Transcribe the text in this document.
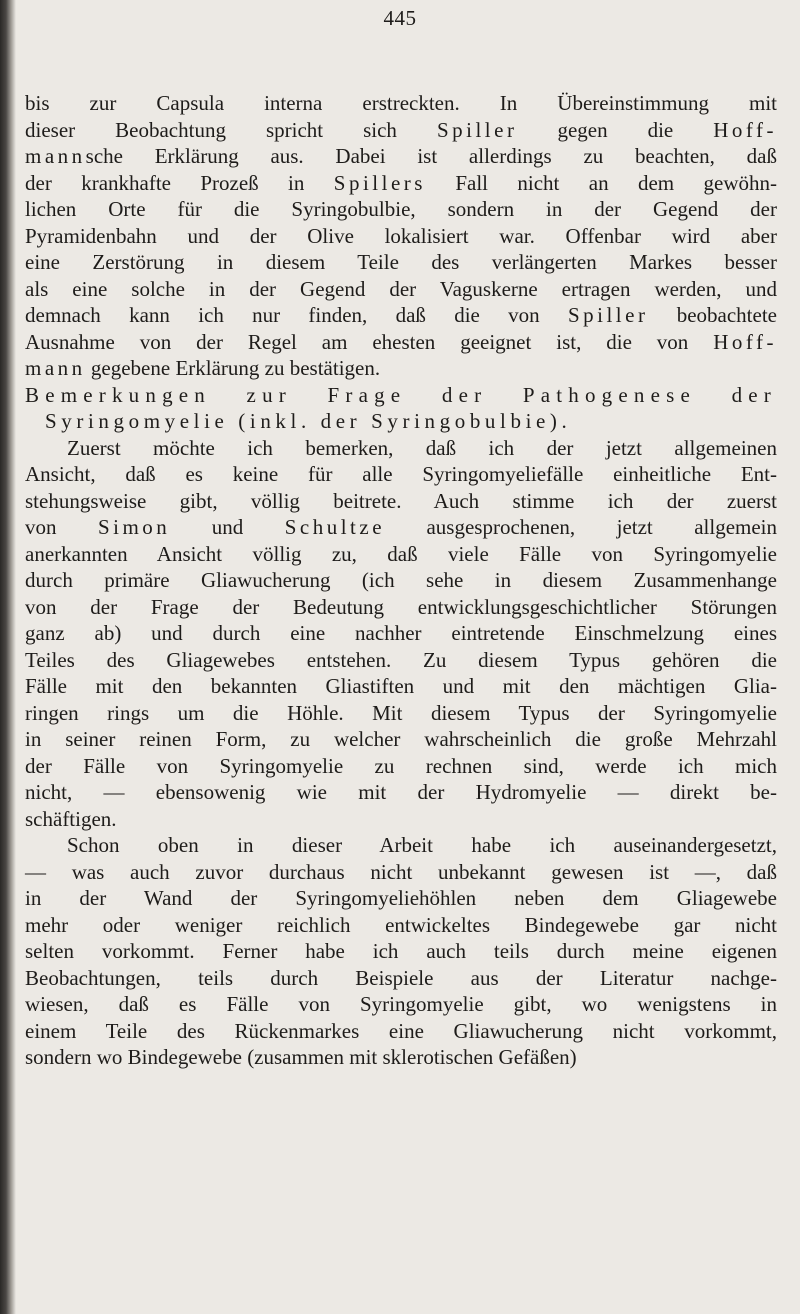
445
bis zur Capsula interna erstreckten. In Übereinstimmung mit
dieser Beobachtung spricht sich Spiller gegen die Hoff-
mannsche Erklärung aus. Dabei ist allerdings zu beachten, daß
der krankhafte Prozeß in Spillers Fall nicht an dem gewöhn-
lichen Orte für die Syringobulbie, sondern in der Gegend der
Pyramidenbahn und der Olive lokalisiert war. Offenbar wird aber
eine Zerstörung in diesem Teile des verlängerten Markes besser
als eine solche in der Gegend der Vaguskerne ertragen werden, und
demnach kann ich nur finden, daß die von Spiller beobachtete
Ausnahme von der Regel am ehesten geeignet ist, die von Hoff-
mann gegebene Erklärung zu bestätigen.
Bemerkungen zur Frage der Pathogenese der
Syringomyelie (inkl. der Syringobulbie).
Zuerst möchte ich bemerken, daß ich der jetzt allgemeinen
Ansicht, daß es keine für alle Syringomyeliefälle einheitliche Ent-
stehungsweise gibt, völlig beitrete. Auch stimme ich der zuerst
von Simon und Schultze ausgesprochenen, jetzt allgemein
anerkannten Ansicht völlig zu, daß viele Fälle von Syringomyelie
durch primäre Gliawucherung (ich sehe in diesem Zusammenhange
von der Frage der Bedeutung entwicklungsgeschichtlicher Störungen
ganz ab) und durch eine nachher eintretende Einschmelzung eines
Teiles des Gliagewebes entstehen. Zu diesem Typus gehören die
Fälle mit den bekannten Gliastiften und mit den mächtigen Glia-
ringen rings um die Höhle. Mit diesem Typus der Syringomyelie
in seiner reinen Form, zu welcher wahrscheinlich die große Mehrzahl
der Fälle von Syringomyelie zu rechnen sind, werde ich mich
nicht, — ebensowenig wie mit der Hydromyelie — direkt be-
schäftigen.
Schon oben in dieser Arbeit habe ich auseinandergesetzt,
— was auch zuvor durchaus nicht unbekannt gewesen ist —, daß
in der Wand der Syringomyeliehöhlen neben dem Gliagewebe
mehr oder weniger reichlich entwickeltes Bindegewebe gar nicht
selten vorkommt. Ferner habe ich auch teils durch meine eigenen
Beobachtungen, teils durch Beispiele aus der Literatur nachge-
wiesen, daß es Fälle von Syringomyelie gibt, wo wenigstens in
einem Teile des Rückenmarkes eine Gliawucherung nicht vorkommt,
sondern wo Bindegewebe (zusammen mit sklerotischen Gefäßen)
